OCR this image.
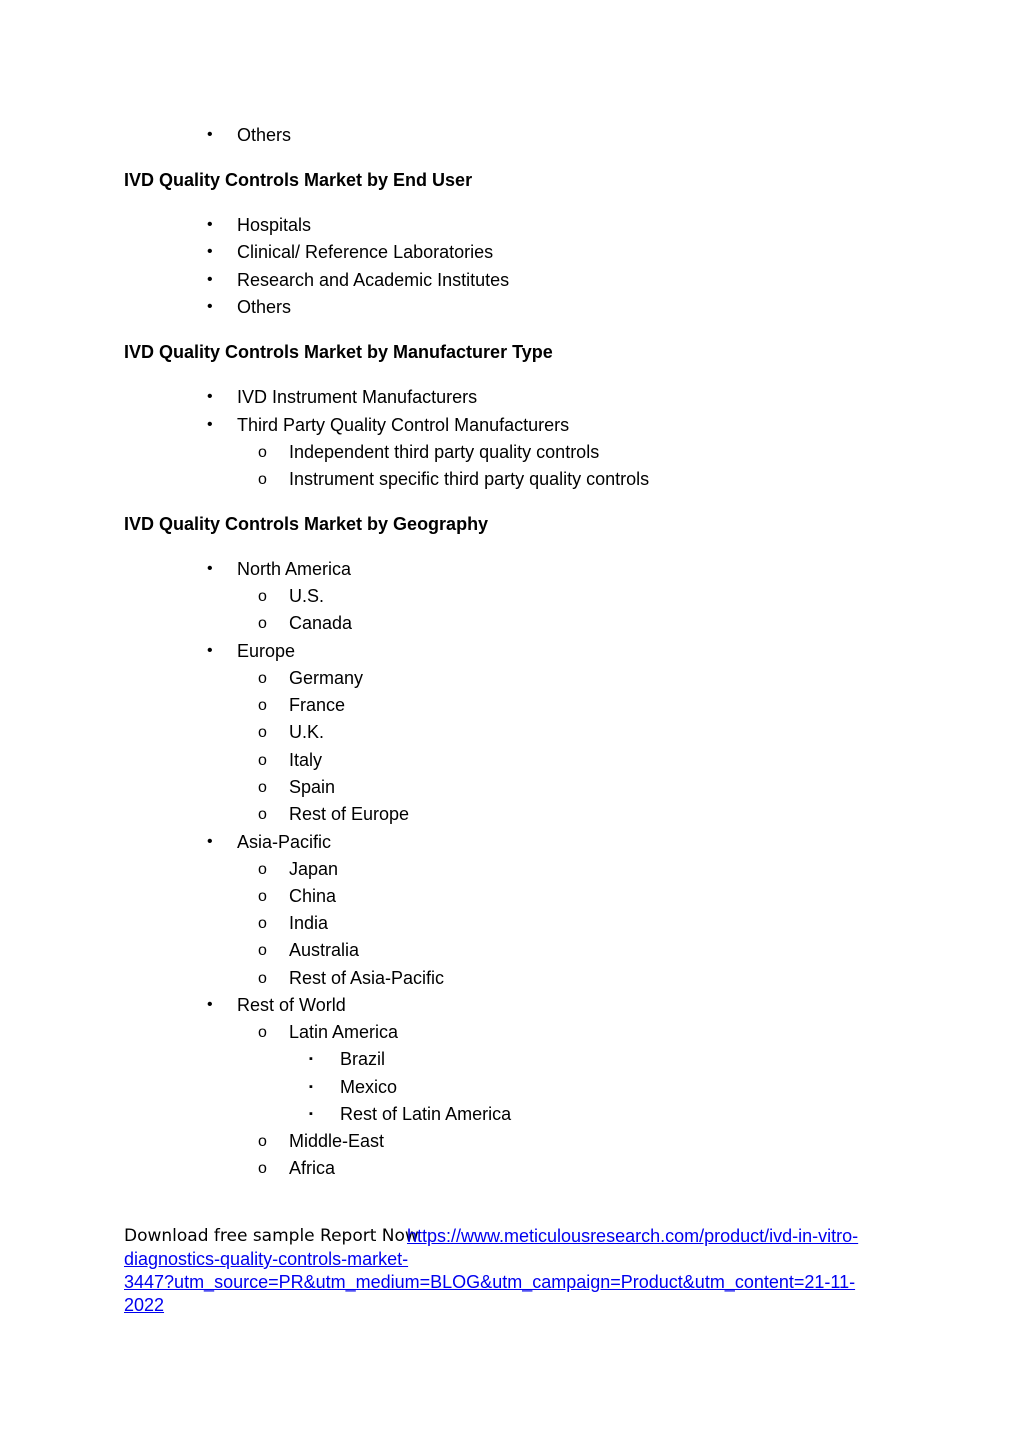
• Others
IVD Quality Controls Market by End User
• Hospitals
• Clinical/ Reference Laboratories
• Research and Academic Institutes
• Others
IVD Quality Controls Market by Manufacturer Type
• IVD Instrument Manufacturers
• Third Party Quality Control Manufacturers
o Independent third party quality controls
o Instrument specific third party quality controls
IVD Quality Controls Market by Geography
• North America
o U.S.
o Canada
• Europe
o Germany
o France
o U.K.
o Italy
o Spain
o Rest of Europe
• Asia-Pacific
o Japan
o China
o India
o Australia
o Rest of Asia-Pacific
• Rest of World
o Latin America
▪ Brazil
▪ Mexico
▪ Rest of Latin America
o Middle-East
o Africa
Download free sample Report Now
https://www.meticulousresearch.com/product/ivd-in-vitro-
diagnostics-quality-controls-market-
3447?utm_source=PR&utm_medium=BLOG&utm_campaign=Product&utm_content=21-11-
2022
